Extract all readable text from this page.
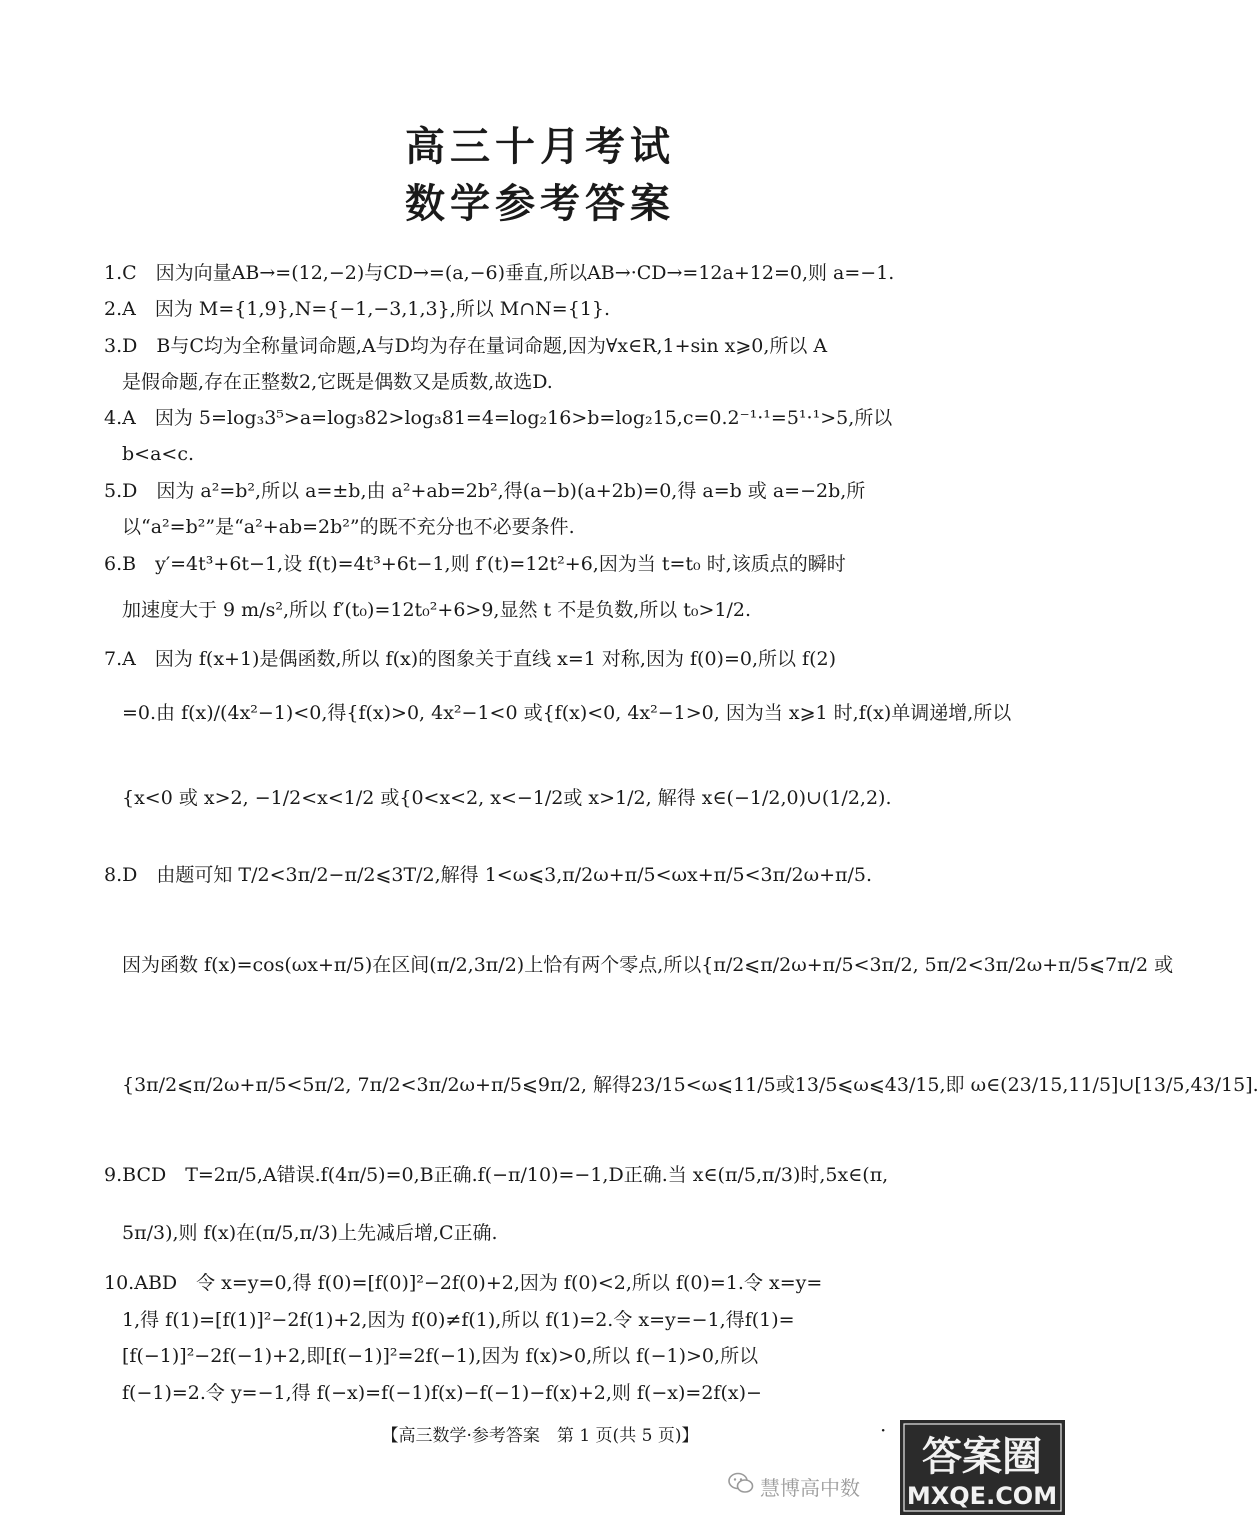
高三十月考试
数学参考答案
1.C　因为向量AB→=(12,−2)与CD→=(a,−6)垂直,所以AB→·CD→=12a+12=0,则 a=−1.
2.A　因为 M={1,9},N={−1,−3,1,3},所以 M∩N={1}.
3.D　B与C均为全称量词命题,A与D均为存在量词命题,因为∀x∈R,1+sin x⩾0,所以 A
是假命题,存在正整数2,它既是偶数又是质数,故选D.
4.A　因为 5=log₃3⁵>a=log₃82>log₃81=4=log₂16>b=log₂15,c=0.2⁻¹·¹=5¹·¹>5,所以
b<a<c.
5.D　因为 a²=b²,所以 a=±b,由 a²+ab=2b²,得(a−b)(a+2b)=0,得 a=b 或 a=−2b,所
以“a²=b²”是“a²+ab=2b²”的既不充分也不必要条件.
6.B　y′=4t³+6t−1,设 f(t)=4t³+6t−1,则 f′(t)=12t²+6,因为当 t=t₀ 时,该质点的瞬时
加速度大于 9 m/s²,所以 f′(t₀)=12t₀²+6>9,显然 t 不是负数,所以 t₀>1/2.
7.A　因为 f(x+1)是偶函数,所以 f(x)的图象关于直线 x=1 对称,因为 f(0)=0,所以 f(2)
=0.由 f(x)/(4x²−1)<0,得{f(x)>0, 4x²−1<0 或{f(x)<0, 4x²−1>0, 因为当 x⩾1 时,f(x)单调递增,所以
{x<0 或 x>2, −1/2<x<1/2 或{0<x<2, x<−1/2或 x>1/2, 解得 x∈(−1/2,0)∪(1/2,2).
8.D　由题可知 T/2<3π/2−π/2⩽3T/2,解得 1<ω⩽3,π/2ω+π/5<ωx+π/5<3π/2ω+π/5.
因为函数 f(x)=cos(ωx+π/5)在区间(π/2,3π/2)上恰有两个零点,所以{π/2⩽π/2ω+π/5<3π/2, 5π/2<3π/2ω+π/5⩽7π/2 或
{3π/2⩽π/2ω+π/5<5π/2, 7π/2<3π/2ω+π/5⩽9π/2, 解得23/15<ω⩽11/5或13/5⩽ω⩽43/15,即 ω∈(23/15,11/5]∪[13/5,43/15].
9.BCD　T=2π/5,A错误.f(4π/5)=0,B正确.f(−π/10)=−1,D正确.当 x∈(π/5,π/3)时,5x∈(π,
5π/3),则 f(x)在(π/5,π/3)上先减后增,C正确.
10.ABD　令 x=y=0,得 f(0)=[f(0)]²−2f(0)+2,因为 f(0)<2,所以 f(0)=1.令 x=y=
1,得 f(1)=[f(1)]²−2f(1)+2,因为 f(0)≠f(1),所以 f(1)=2.令 x=y=−1,得f(1)=
[f(−1)]²−2f(−1)+2,即[f(−1)]²=2f(−1),因为 f(x)>0,所以 f(−1)>0,所以
f(−1)=2.令 y=−1,得 f(−x)=f(−1)f(x)−f(−1)−f(x)+2,则 f(−x)=2f(x)−
【高三数学·参考答案　第 1 页(共 5 页)】	·
慧博高中数
答案圈
MXQE.COM
